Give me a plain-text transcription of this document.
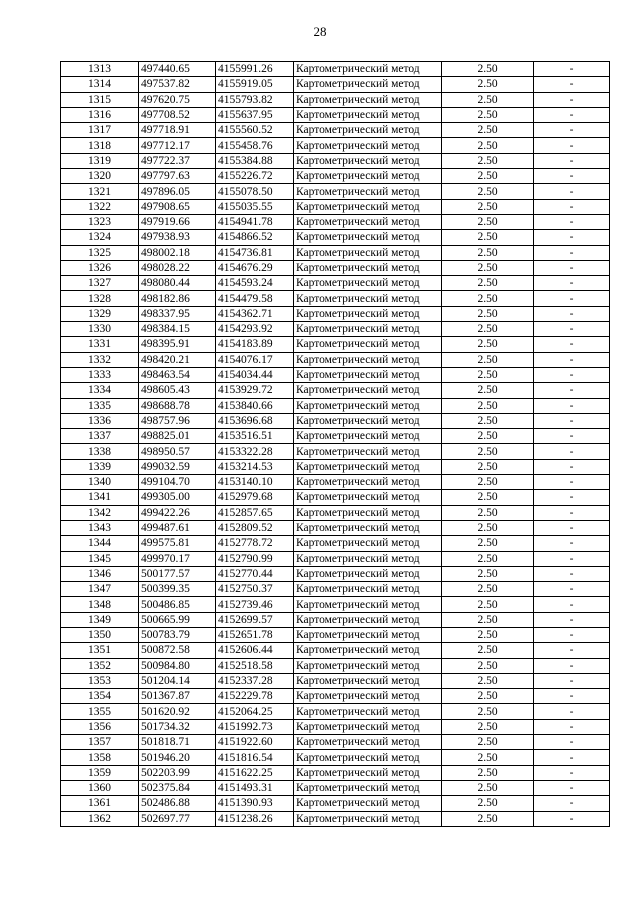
28
1313	497440.65	4155991.26	Картометрический метод	2.50	-
1314	497537.82	4155919.05	Картометрический метод	2.50	-
1315	497620.75	4155793.82	Картометрический метод	2.50	-
1316	497708.52	4155637.95	Картометрический метод	2.50	-
1317	497718.91	4155560.52	Картометрический метод	2.50	-
1318	497712.17	4155458.76	Картометрический метод	2.50	-
1319	497722.37	4155384.88	Картометрический метод	2.50	-
1320	497797.63	4155226.72	Картометрический метод	2.50	-
1321	497896.05	4155078.50	Картометрический метод	2.50	-
1322	497908.65	4155035.55	Картометрический метод	2.50	-
1323	497919.66	4154941.78	Картометрический метод	2.50	-
1324	497938.93	4154866.52	Картометрический метод	2.50	-
1325	498002.18	4154736.81	Картометрический метод	2.50	-
1326	498028.22	4154676.29	Картометрический метод	2.50	-
1327	498080.44	4154593.24	Картометрический метод	2.50	-
1328	498182.86	4154479.58	Картометрический метод	2.50	-
1329	498337.95	4154362.71	Картометрический метод	2.50	-
1330	498384.15	4154293.92	Картометрический метод	2.50	-
1331	498395.91	4154183.89	Картометрический метод	2.50	-
1332	498420.21	4154076.17	Картометрический метод	2.50	-
1333	498463.54	4154034.44	Картометрический метод	2.50	-
1334	498605.43	4153929.72	Картометрический метод	2.50	-
1335	498688.78	4153840.66	Картометрический метод	2.50	-
1336	498757.96	4153696.68	Картометрический метод	2.50	-
1337	498825.01	4153516.51	Картометрический метод	2.50	-
1338	498950.57	4153322.28	Картометрический метод	2.50	-
1339	499032.59	4153214.53	Картометрический метод	2.50	-
1340	499104.70	4153140.10	Картометрический метод	2.50	-
1341	499305.00	4152979.68	Картометрический метод	2.50	-
1342	499422.26	4152857.65	Картометрический метод	2.50	-
1343	499487.61	4152809.52	Картометрический метод	2.50	-
1344	499575.81	4152778.72	Картометрический метод	2.50	-
1345	499970.17	4152790.99	Картометрический метод	2.50	-
1346	500177.57	4152770.44	Картометрический метод	2.50	-
1347	500399.35	4152750.37	Картометрический метод	2.50	-
1348	500486.85	4152739.46	Картометрический метод	2.50	-
1349	500665.99	4152699.57	Картометрический метод	2.50	-
1350	500783.79	4152651.78	Картометрический метод	2.50	-
1351	500872.58	4152606.44	Картометрический метод	2.50	-
1352	500984.80	4152518.58	Картометрический метод	2.50	-
1353	501204.14	4152337.28	Картометрический метод	2.50	-
1354	501367.87	4152229.78	Картометрический метод	2.50	-
1355	501620.92	4152064.25	Картометрический метод	2.50	-
1356	501734.32	4151992.73	Картометрический метод	2.50	-
1357	501818.71	4151922.60	Картометрический метод	2.50	-
1358	501946.20	4151816.54	Картометрический метод	2.50	-
1359	502203.99	4151622.25	Картометрический метод	2.50	-
1360	502375.84	4151493.31	Картометрический метод	2.50	-
1361	502486.88	4151390.93	Картометрический метод	2.50	-
1362	502697.77	4151238.26	Картометрический метод	2.50	-
